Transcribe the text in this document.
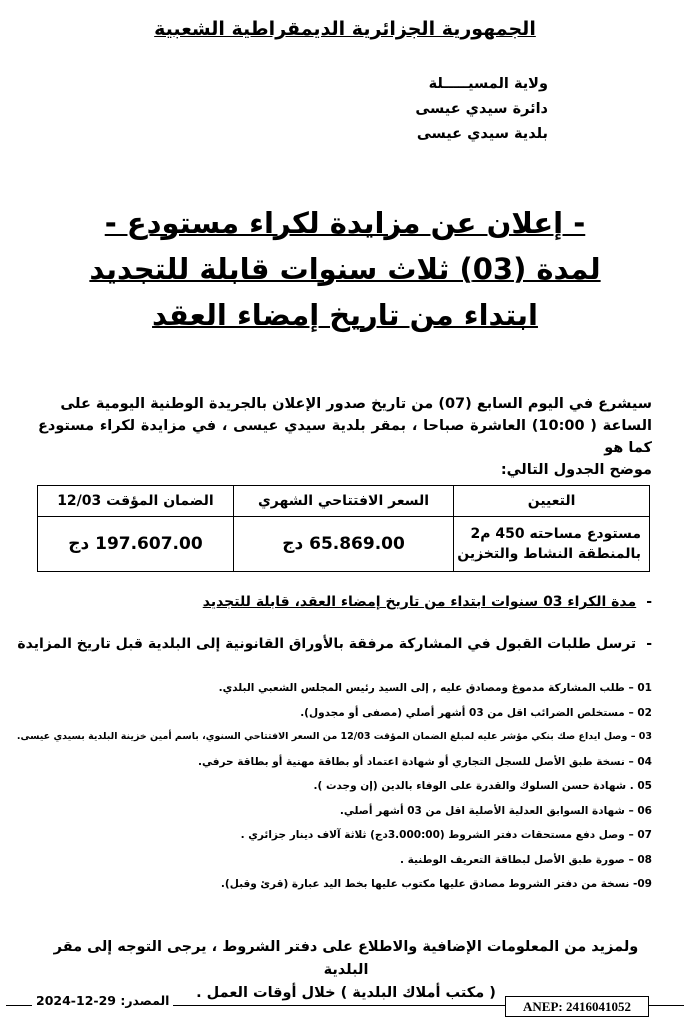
الجمهورية الجزائرية الديمقراطية الشعبية
ولاية المسيـــــلة
دائرة سيدي عيسى
بلدية سيدي عيسى
- إعلان عن مزايدة لكراء مستودع -
لمدة (03) ثلاث سنوات قابلة للتجديد
ابتداء من تاريخ إمضاء العقد

سيشرع في اليوم السابع (07) من تاريخ صدور الإعلان بالجريدة الوطنية اليومية على

الساعة ( 10:00) العاشرة صباحا ، بمقر بلدية سيدي عيسى ، في مزايدة لكراء مستودع كما هو

موضح الجدول التالي:

التعيين	السعر الافتتاحي الشهري	الضمان المؤقت 12/03

مستودع مساحته 450 م2
بالمنطقة النشاط والتخزين	65.869.00 دج	197.607.00 دج
-مدة الكراء 03 سنوات ابتداء من تاريخ إمضاء العقد، قابلة للتجديد
-ترسل طلبات القبول في المشاركة مرفقة بالأوراق القانونية إلى البلدية قبل تاريخ المزايدة
01 – طلب المشاركة مدموغ ومصادق عليه , إلى السيد رئيس المجلس الشعبي البلدي.
02 – مستخلص الضرائب اقل من 03 أشهر أصلي (مصفى أو مجدول).
03 – وصل ايداع صك بنكي مؤشر عليه لمبلغ الضمان المؤقت 12/03 من السعر الافتتاحي السنوي، باسم أمين خزينة البلدية بسيدي عيسى.
04 – نسخة طبق الأصل للسجل التجاري أو شهادة اعتماد أو بطاقة مهنية أو بطاقة حرفي.
05 . شهادة حسن السلوك والقدرة على الوفاء بالدين (إن وجدت ).
06 – شهادة السوابق العدلية الأصلية اقل من 03 أشهر أصلي.
07 – وصل دفع مستحقات دفتر الشروط (3.000:00دج) ثلاثة آلاف دينار جزائري .
08 – صورة طبق الأصل لبطاقة التعريف الوطنية .
09- نسخة من دفتر الشروط مصادق عليها مكتوب عليها بخط اليد عبارة (قرئ وقبل).
ولمزيد من المعلومات الإضافية والاطلاع على دفتر الشروط ، يرجى التوجه إلى مقر البلدية
( مكتب أملاك البلدية ) خلال أوقات العمل .
المصدر: 29-12-2024	ANEP: 2416041052
